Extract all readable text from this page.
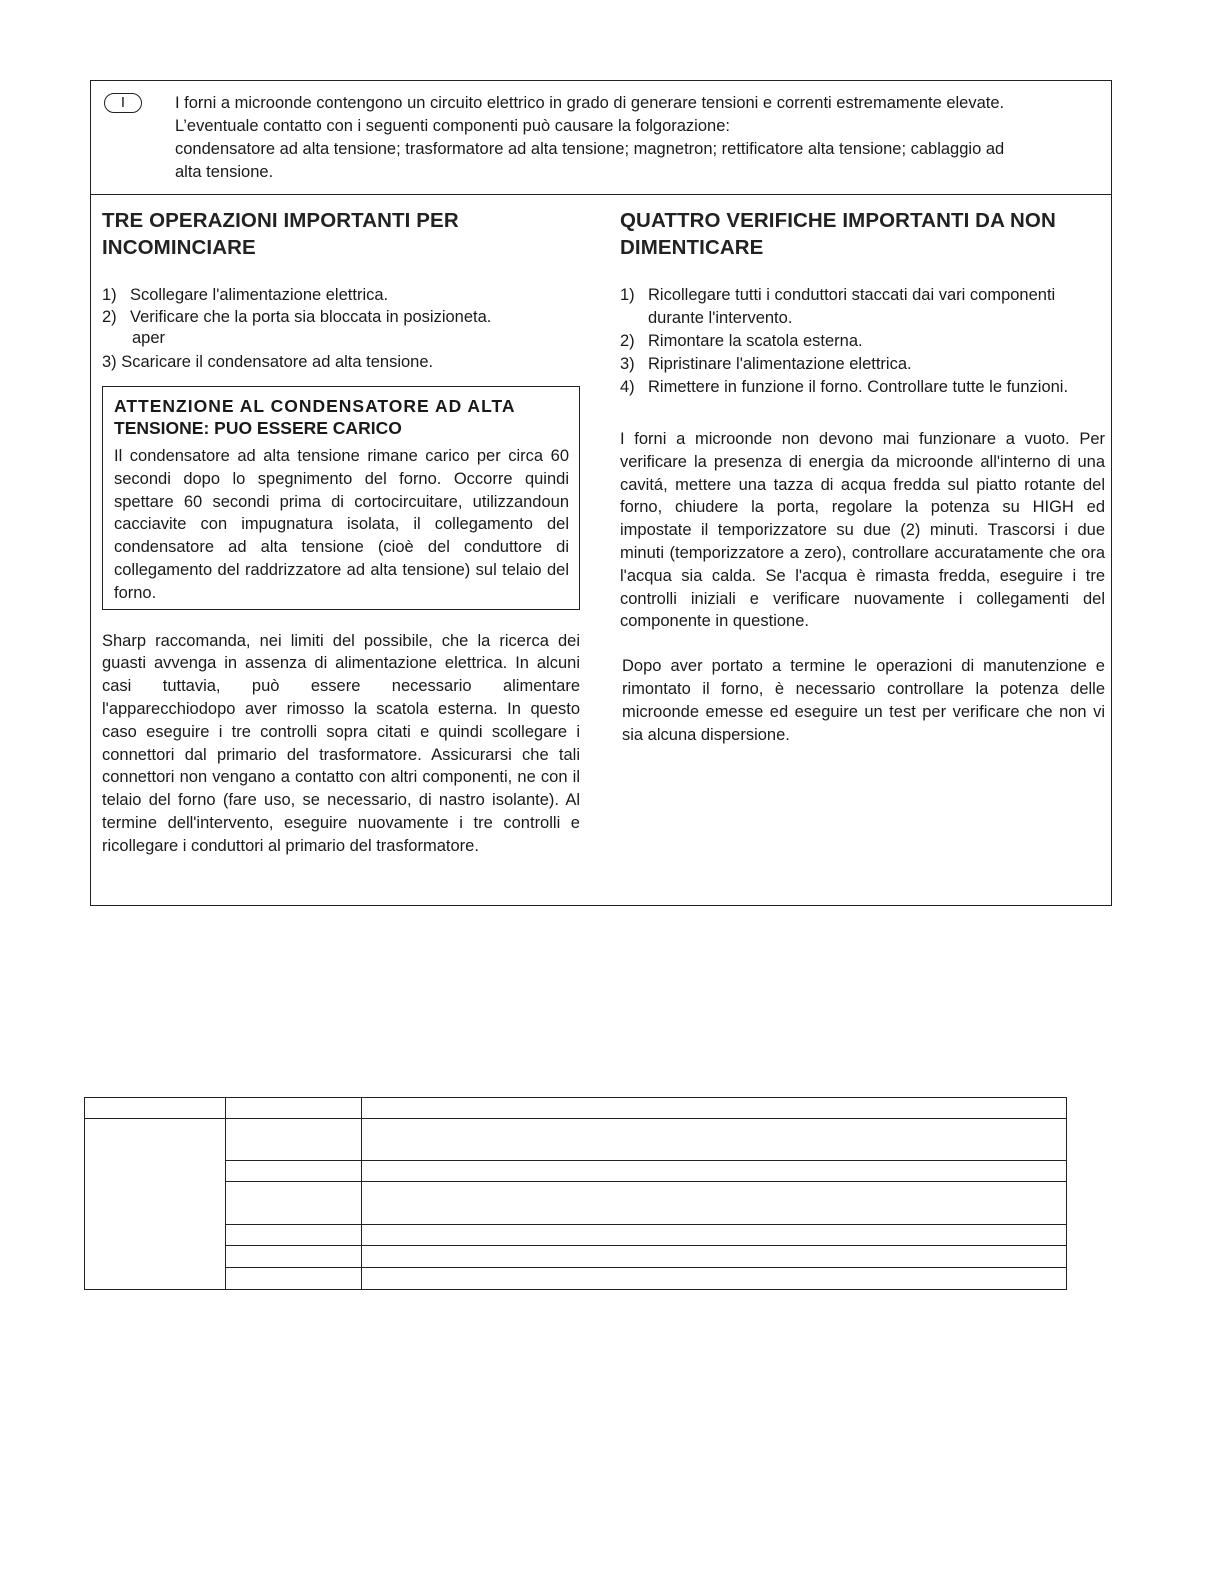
I	I forni a microonde contengono un circuito elettrico in grado di generare tensioni e correnti estremamente elevate.
L’eventuale contatto con i seguenti componenti può causare la folgorazione:
condensatore ad alta tensione; trasformatore ad alta tensione; magnetron; rettificatore alta tensione; cablaggio ad
alta tensione.
TRE OPERAZIONI IMPORTANTI PER
INCOMINCIARE
1) Scollegare l'alimentazione elettrica.
2) Verificare che la porta sia bloccata in posizioneta.
aper
3) Scaricare il condensatore ad alta tensione.
ATTENZIONE AL CONDENSATORE AD ALTA
TENSIONE: PUO ESSERE CARICO

Il condensatore ad alta tensione rimane carico per circa 60 secondi dopo lo spegnimento del forno. Occorre quindi spettare 60 secondi prima di cortocircuitare, utilizzandoun cacciavite con impugnatura isolata, il collegamento del condensatore ad alta tensione (cioè del conduttore di collegamento del raddrizzatore ad alta tensione) sul telaio del forno.

Sharp raccomanda, nei limiti del possibile, che la ricerca dei guasti avvenga in assenza di alimentazione elettrica. In alcuni casi tuttavia, può essere necessario alimentare l'apparecchiodopo aver rimosso la scatola esterna. In questo caso eseguire i tre controlli sopra citati e quindi scollegare i connettori dal primario del trasformatore. Assicurarsi che tali connettori non vengano a contatto con altri componenti, ne con il telaio del forno (fare uso, se necessario, di nastro isolante). Al termine dell'intervento, eseguire nuovamente i tre controlli e ricollegare i conduttori al primario del trasformatore.

QUATTRO VERIFICHE IMPORTANTI DA NON
DIMENTICARE
1) Ricollegare tutti i conduttori staccati dai vari componenti
durante l'intervento.
2) Rimontare la scatola esterna.
3) Ripristinare l'alimentazione elettrica.
4) Rimettere in funzione il forno. Controllare tutte le funzioni.

I forni a microonde non devono mai funzionare a vuoto. Per verificare la presenza di energia da microonde all'interno di una cavitá, mettere una tazza di acqua fredda sul piatto rotante del forno, chiudere la porta, regolare la potenza su HIGH ed impostate il temporizzatore su due (2) minuti. Trascorsi i due minuti (temporizzatore a zero), controllare accuratamente che ora l'acqua sia calda. Se l'acqua è rimasta fredda, eseguire i tre controlli iniziali e verificare nuovamente i collegamenti del componente in questione.

Dopo aver portato a termine le operazioni di manutenzione e rimontato il forno, è necessario controllare la potenza delle microonde emesse ed eseguire un test per verificare che non vi sia alcuna dispersione.
